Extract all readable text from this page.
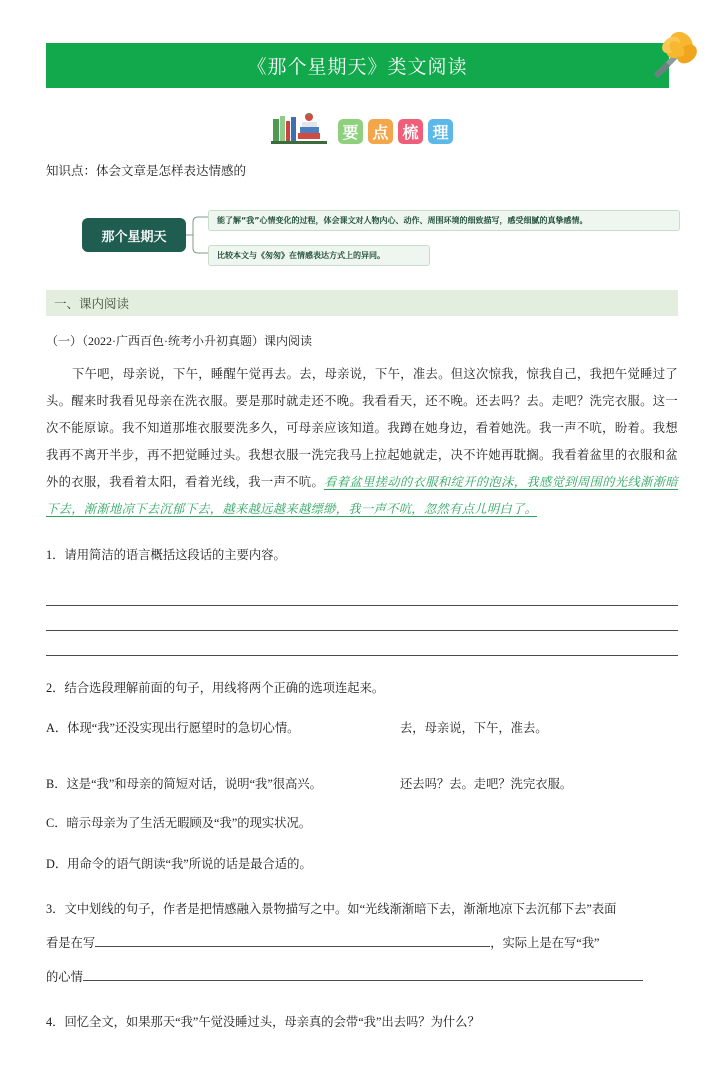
《那个星期天》类文阅读
要 点 梳 理
知识点：体会文章是怎样表达情感的
那个星期天
能了解“我”心情变化的过程，体会课文对人物内心、动作、周围环境的细致描写，感受细腻的真挚感情。
比较本文与《匆匆》在情感表达方式上的异同。
一、课内阅读
（一）（2022·广西百色·统考小升初真题）课内阅读
下午吧，母亲说，下午，睡醒午觉再去。去，母亲说，下午，准去。但这次惊我，惊我自己，我把午觉睡过了头。醒来时我看见母亲在洗衣服。要是那时就走还不晚。我看看天，还不晚。还去吗？去。走吧？洗完衣服。这一次不能原谅。我不知道那堆衣服要洗多久，可母亲应该知道。我蹲在她身边，看着她洗。我一声不吭，盼着。我想我再不离开半步，再不把觉睡过头。我想衣服一洗完我马上拉起她就走，决不许她再耽搁。我看着盆里的衣服和盆外的衣服，我看着太阳，看着光线，我一声不吭。看着盆里搓动的衣服和绽开的泡沫，我感觉到周围的光线渐渐暗下去，渐渐地凉下去沉郁下去，越来越远越来越缥缈，我一声不吭，忽然有点儿明白了。
1．请用简洁的语言概括这段话的主要内容。
2．结合选段理解前面的句子，用线将两个正确的选项连起来。
A．体现“我”还没实现出行愿望时的急切心情。	去，母亲说，下午，准去。
B．这是“我”和母亲的简短对话，说明“我”很高兴。	还去吗？去。走吧？洗完衣服。
C．暗示母亲为了生活无暇顾及“我”的现实状况。
D．用命令的语气朗读“我”所说的话是最合适的。
3．文中划线的句子，作者是把情感融入景物描写之中。如“光线渐渐暗下去，渐渐地凉下去沉郁下去”表面
看是在写	，实际上是在写“我”
的心情
4．回忆全文，如果那天“我”午觉没睡过头，母亲真的会带“我”出去吗？为什么？
